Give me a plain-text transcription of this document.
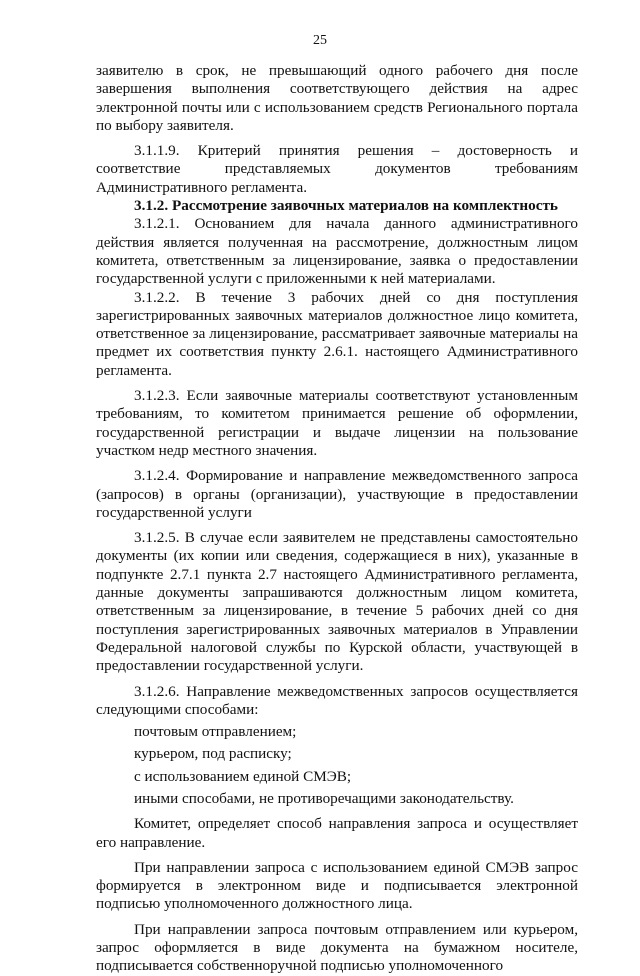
25

заявителю в срок, не превышающий одного рабочего дня после завершения выполнения соответствующего действия на адрес электронной почты или с использованием средств Регионального портала по выбору заявителя.

3.1.1.9. Критерий принятия решения – достоверность и соответствие представляемых документов требованиям Административного регламента.

3.1.2. Рассмотрение заявочных материалов на комплектность

3.1.2.1. Основанием для начала данного административного действия является полученная на рассмотрение, должностным лицом комитета, ответственным за лицензирование, заявка о предоставлении государственной услуги с приложенными к ней материалами.

3.1.2.2. В течение 3 рабочих дней со дня поступления зарегистрированных заявочных материалов должностное лицо комитета, ответственное за лицензирование, рассматривает заявочные материалы на предмет их соответствия пункту 2.6.1. настоящего Административного регламента.

3.1.2.3. Если заявочные материалы соответствуют установленным требованиям, то комитетом принимается решение об оформлении, государственной регистрации и выдаче лицензии на пользование участком недр местного значения.

3.1.2.4. Формирование и направление межведомственного запроса (запросов) в органы (организации), участвующие в предоставлении государственной услуги

3.1.2.5. В случае если заявителем не представлены самостоятельно документы (их копии или сведения, содержащиеся в них), указанные в подпункте 2.7.1 пункта 2.7 настоящего Административного регламента, данные документы запрашиваются должностным лицом комитета, ответственным за лицензирование, в течение 5 рабочих дней со дня поступления зарегистрированных заявочных материалов в Управлении Федеральной налоговой службы по Курской области, участвующей в предоставлении государственной услуги.

3.1.2.6. Направление межведомственных запросов осуществляется следующими способами:

почтовым отправлением;

курьером, под расписку;

с использованием единой СМЭВ;

иными способами, не противоречащими законодательству.

Комитет, определяет способ направления запроса и осуществляет его направление.

При направлении запроса с использованием единой СМЭВ запрос формируется в электронном виде и подписывается электронной подписью уполномоченного должностного лица.

При направлении запроса почтовым отправлением или курьером, запрос оформляется в виде документа на бумажном носителе, подписывается собственноручной подписью уполномоченного
